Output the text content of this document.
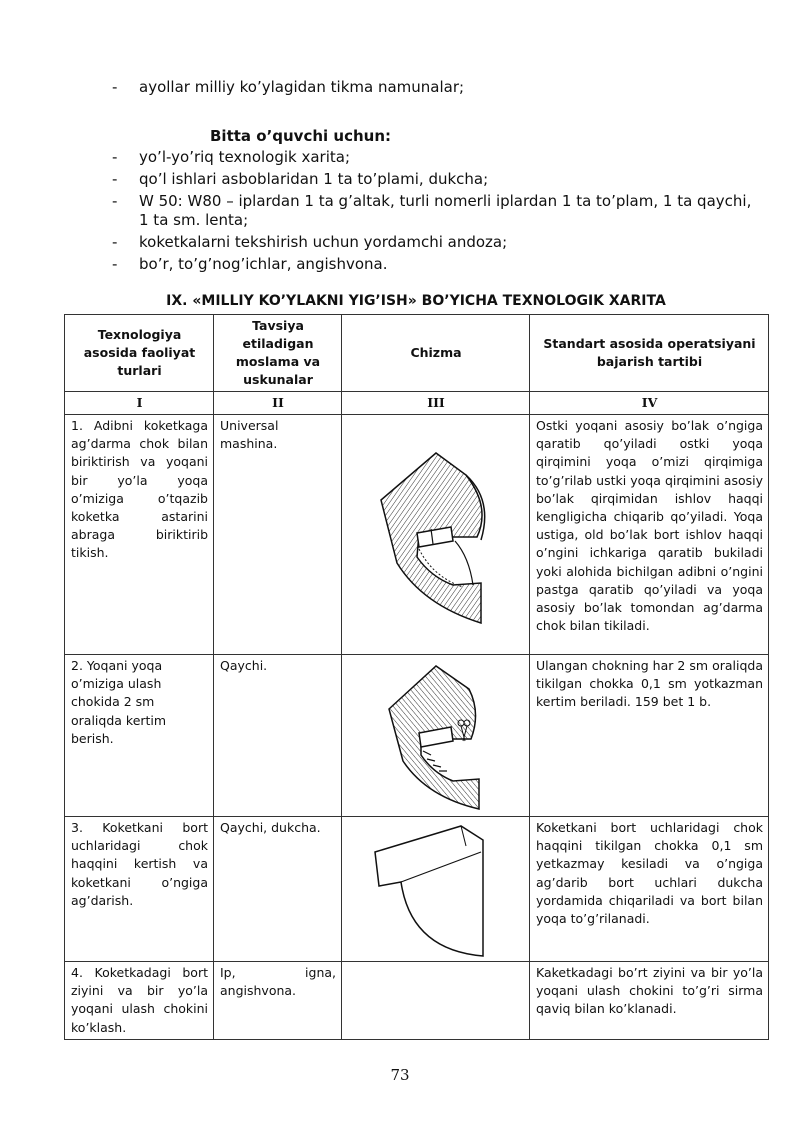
- ayollar milliy ko’ylagidan tikma namunalar;
Bitta o’quvchi uchun:
- yo’l-yo’riq texnologik xarita;
- qo’l ishlari asboblaridan 1 ta to’plami, dukcha;
- W 50: W80 – iplardan 1 ta g’altak, turli nomerli iplardan 1 ta to’plam, 1 ta qaychi, 1 ta sm. lenta;
- koketkalarni tekshirish uchun yordamchi andoza;
- bo’r, to’g’nog’ichlar, angishvona.
IX. «MILLIY KO’YLAKNI YIG’ISH» BO’YICHA TEXNOLOGIK XARITA
Texnologiya asosida faoliyat turlari	Tavsiya etiladigan moslama va uskunalar	Chizma	Standart asosida operatsiyani bajarish tartibi
I	II	III	IV
1. Adibni koketkaga ag’darma chok bilan biriktirish va yoqani bir yo’la yoqa o’miziga o’tqazib koketka astarini abraga biriktirib tikish.	Universal mashina.		Ostki yoqani asosiy bo’lak o’ngiga qaratib qo’yiladi ostki yoqa qirqimini yoqa o’mizi qirqimiga to’g’rilab ustki yoqa qirqimini asosiy bo’lak qirqimidan ishlov haqqi kengligicha chiqarib qo’yiladi. Yoqa ustiga, old bo’lak bort ishlov haqqi o’ngini ichkariga qaratib bukiladi yoki alohida bichilgan adibni o’ngini pastga qaratib qo’yiladi va yoqa asosiy bo’lak tomondan ag’darma chok bilan tikiladi.
2. Yoqani yoqa o’miziga ulash chokida 2 sm oraliqda kertim berish.	Qaychi.		Ulangan chokning har 2 sm oraliqda tikilgan chokka 0,1 sm yotkazman kertim beriladi. 159 bet 1 b.
3. Koketkani bort uchlaridagi chok haqqini kertish va koketkani o’ngiga ag’darish.	Qaychi, dukcha.		Koketkani bort uchlaridagi chok haqqini tikilgan chokka 0,1 sm yetkazmay kesiladi va o’ngiga ag’darib bort uchlari dukcha yordamida chiqariladi va bort bilan yoqa to’g’rilanadi.
4. Koketkadagi bort ziyini va bir yo’la yoqani ulash chokini ko’klash.	Ip, igna, angishvona.		Kaketkadagi bo’rt ziyini va bir yo’la yoqani ulash chokini to’g’ri sirma qaviq bilan ko’klanadi.
73
